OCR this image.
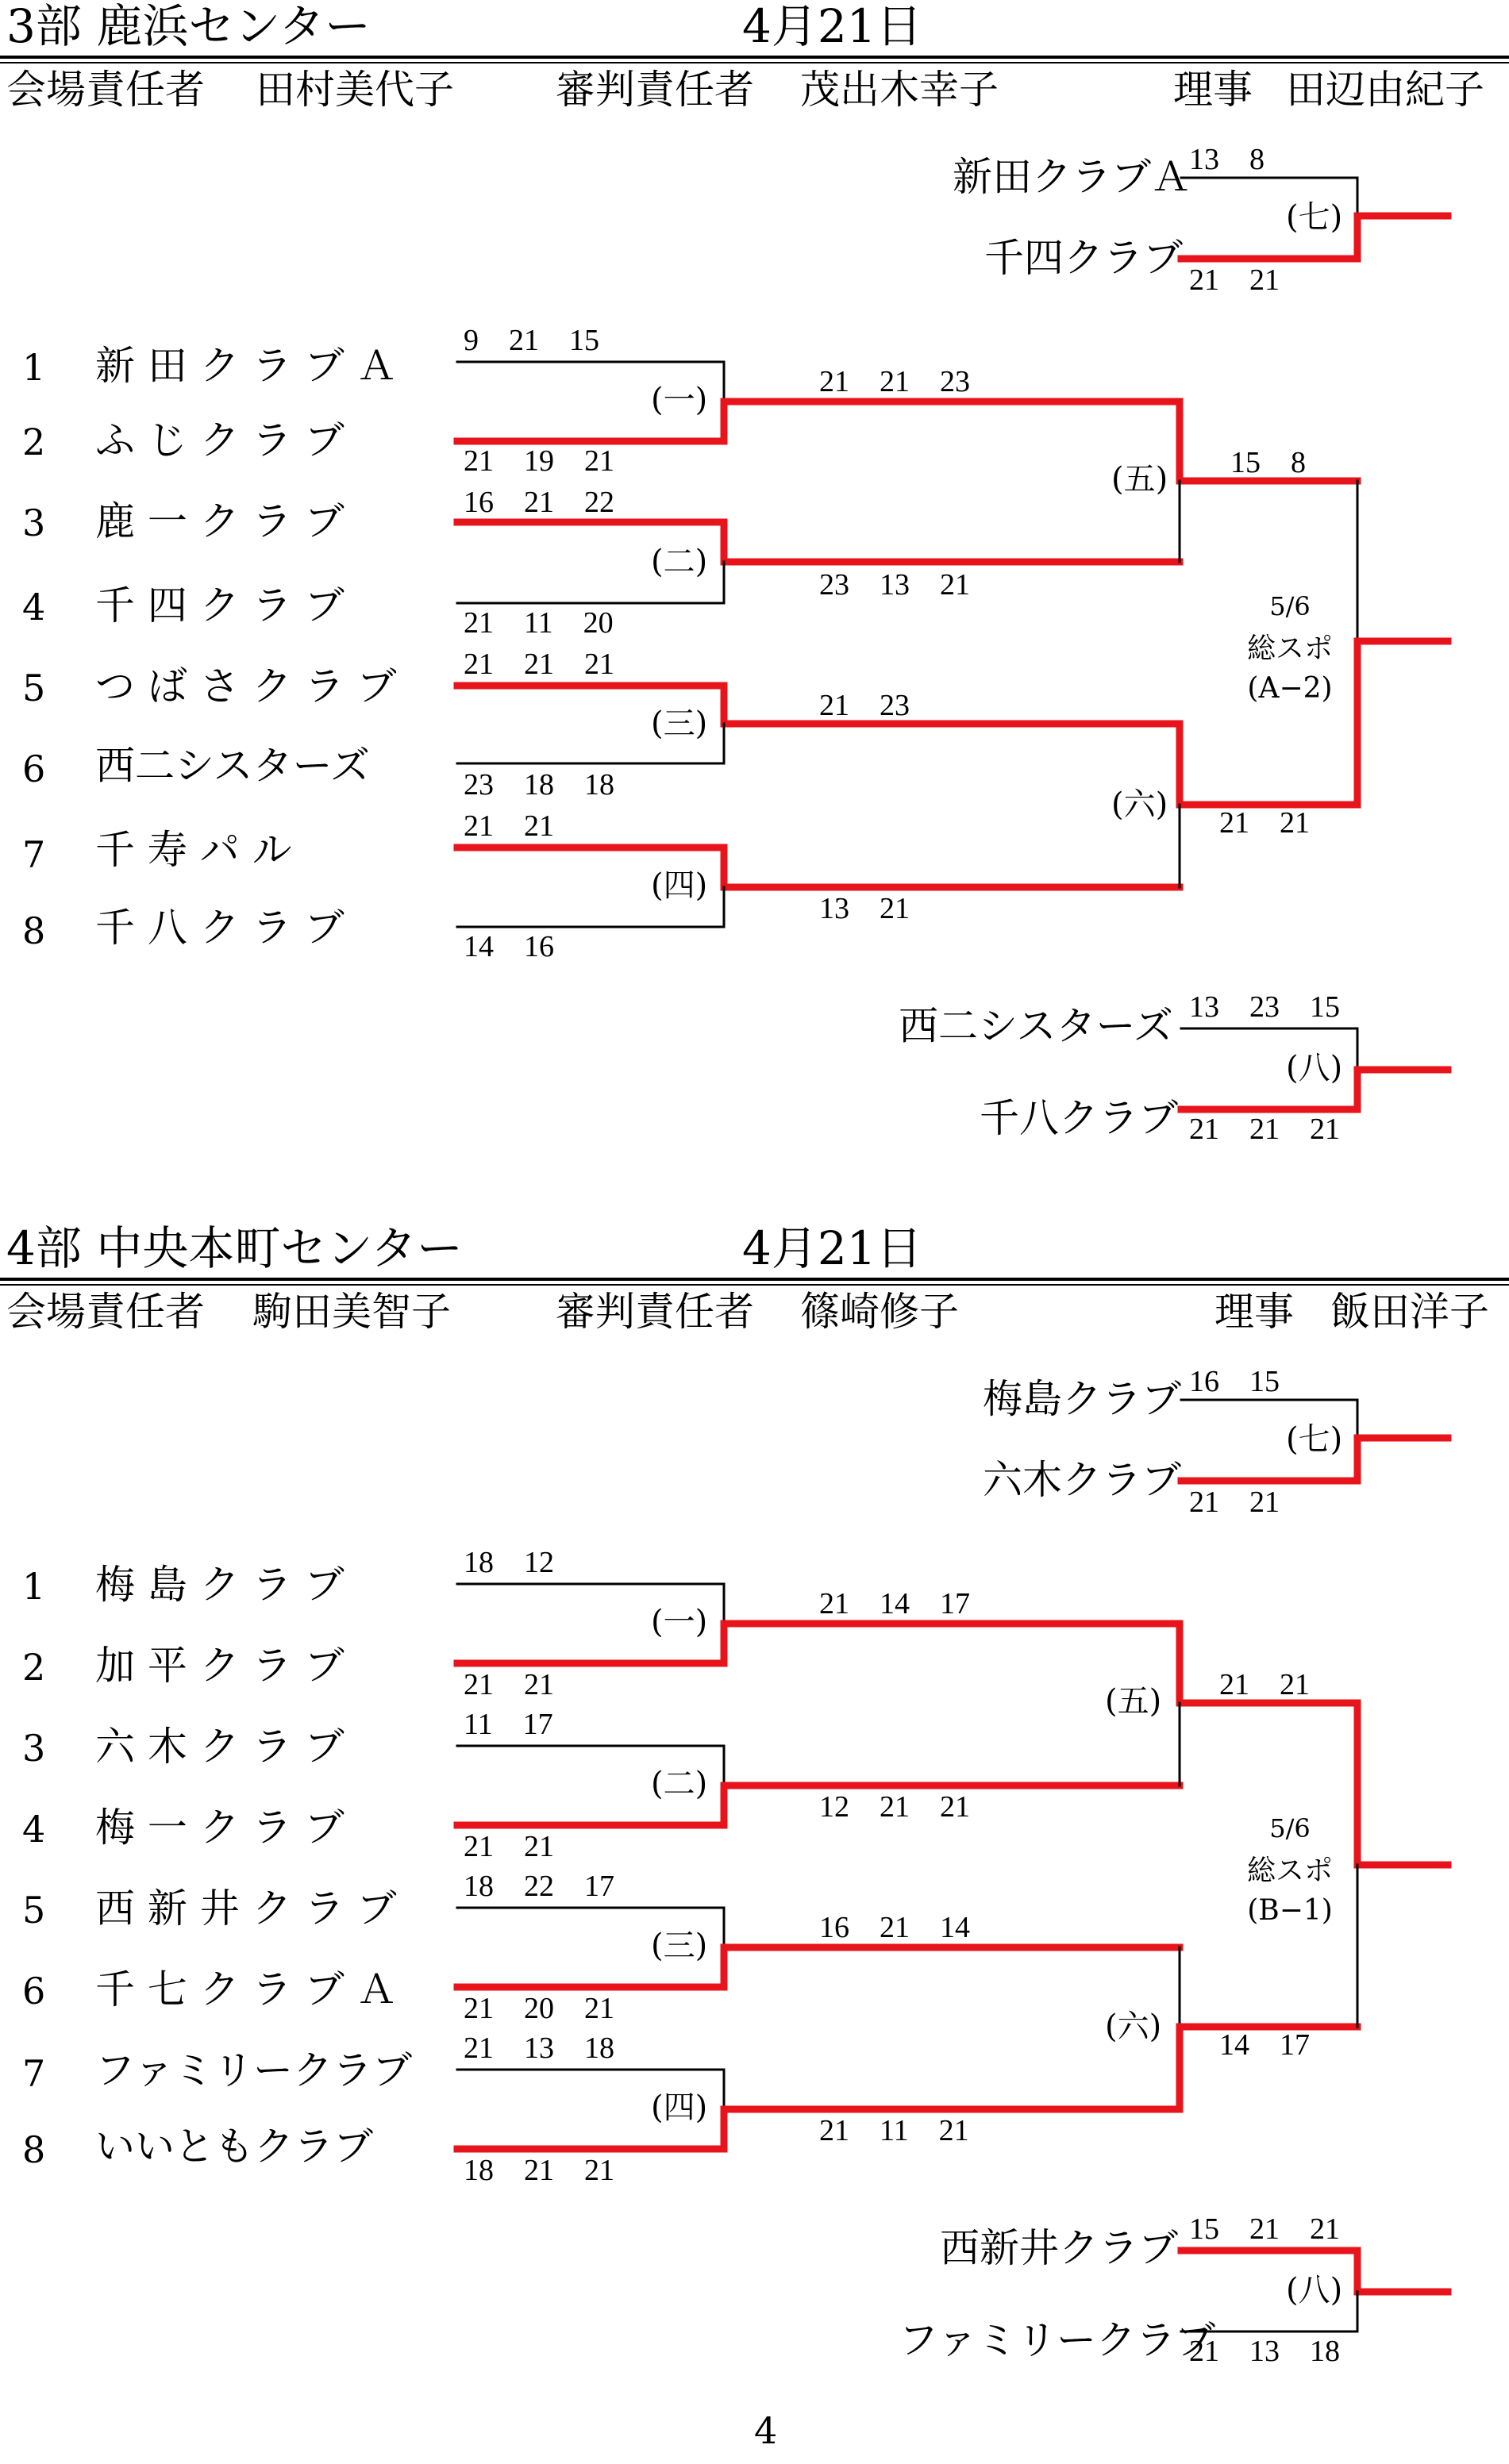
3部 鹿浜センター	4月21日
会場責任者 田村美代子	審判責任者 茂出木幸子	理事 田辺由紀子
新田クラブＡ
千四クラブ
13　8
21　21
(七)
1 新 田 ク ラ ブ Ａ
2 ふ じ ク ラ ブ
3 鹿 一 ク ラ ブ
4 千 四 ク ラ ブ
5 つ ば さ ク ラ ブ
6 西二シスターズ
7 千 寿 パ ル
8 千 八 ク ラ ブ
9　21　15
21　19　21
(一)
16　21　22
21　11　20
(二)
21　21　21
23　18　18
(三)
21　21
14　16
(四)
21　21　23
23　13　21
(五)
21　23
13　21
(六)
15　8
21　21
5/6
総スポ
(A−2)
西二シスターズ
千八クラブ
13　23　15
21　21　21
(八)
4部 中央本町センター	4月21日
会場責任者 駒田美智子	審判責任者 篠崎修子	理事 飯田洋子
梅島クラブ
六木クラブ
16　15
21　21
(七)
1 梅 島 ク ラ ブ
2 加 平 ク ラ ブ
3 六 木 ク ラ ブ
4 梅 一 ク ラ ブ
5 西 新 井 ク ラ ブ
6 千 七 ク ラ ブ Ａ
7 ファミリークラブ
8 いいともクラブ
18　12
21　21
(一)
11　17
21　21
(二)
18　22　17
21　20　21
(三)
21　13　18
18　21　21
(四)
21　14　17
12　21　21
(五)
16　21　14
21　11　21
(六)
21　21
14　17
5/6
総スポ
(B−1)
西新井クラブ
ファミリークラブ
15　21　21
21　13　18
(八)
4
